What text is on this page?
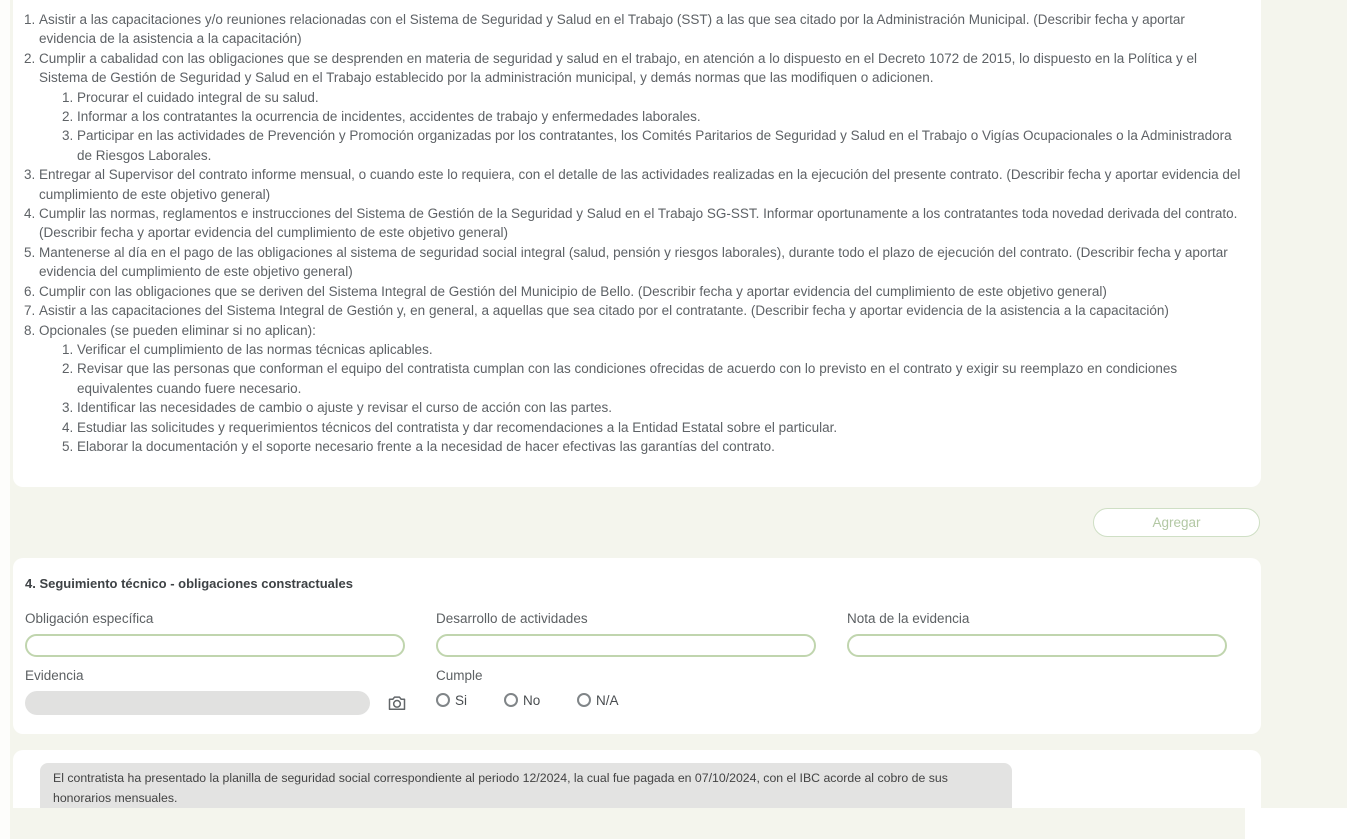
1. Asistir a las capacitaciones y/o reuniones relacionadas con el Sistema de Seguridad y Salud en el Trabajo (SST) a las que sea citado por la Administración Municipal. (Describir fecha y aportar evidencia de la asistencia a la capacitación)
2. Cumplir a cabalidad con las obligaciones que se desprenden en materia de seguridad y salud en el trabajo, en atención a lo dispuesto en el Decreto 1072 de 2015, lo dispuesto en la Política y el Sistema de Gestión de Seguridad y Salud en el Trabajo establecido por la administración municipal, y demás normas que las modifiquen o adicionen.
1. Procurar el cuidado integral de su salud.
2. Informar a los contratantes la ocurrencia de incidentes, accidentes de trabajo y enfermedades laborales.
3. Participar en las actividades de Prevención y Promoción organizadas por los contratantes, los Comités Paritarios de Seguridad y Salud en el Trabajo o Vigías Ocupacionales o la Administradora de Riesgos Laborales.
3. Entregar al Supervisor del contrato informe mensual, o cuando este lo requiera, con el detalle de las actividades realizadas en la ejecución del presente contrato. (Describir fecha y aportar evidencia del cumplimiento de este objetivo general)
4. Cumplir las normas, reglamentos e instrucciones del Sistema de Gestión de la Seguridad y Salud en el Trabajo SG-SST. Informar oportunamente a los contratantes toda novedad derivada del contrato. (Describir fecha y aportar evidencia del cumplimiento de este objetivo general)
5. Mantenerse al día en el pago de las obligaciones al sistema de seguridad social integral (salud, pensión y riesgos laborales), durante todo el plazo de ejecución del contrato. (Describir fecha y aportar evidencia del cumplimiento de este objetivo general)
6. Cumplir con las obligaciones que se deriven del Sistema Integral de Gestión del Municipio de Bello. (Describir fecha y aportar evidencia del cumplimiento de este objetivo general)
7. Asistir a las capacitaciones del Sistema Integral de Gestión y, en general, a aquellas que sea citado por el contratante. (Describir fecha y aportar evidencia de la asistencia a la capacitación)
8. Opcionales (se pueden eliminar si no aplican):
1. Verificar el cumplimiento de las normas técnicas aplicables.
2. Revisar que las personas que conforman el equipo del contratista cumplan con las condiciones ofrecidas de acuerdo con lo previsto en el contrato y exigir su reemplazo en condiciones equivalentes cuando fuere necesario.
3. Identificar las necesidades de cambio o ajuste y revisar el curso de acción con las partes.
4. Estudiar las solicitudes y requerimientos técnicos del contratista y dar recomendaciones a la Entidad Estatal sobre el particular.
5. Elaborar la documentación y el soporte necesario frente a la necesidad de hacer efectivas las garantías del contrato.
Agregar
4. Seguimiento técnico - obligaciones constractuales
Obligación específica	Desarrollo de actividades	Nota de la evidencia
Evidencia	Cumple
Si	No	N/A
El contratista ha presentado la planilla de seguridad social correspondiente al periodo 12/2024, la cual fue pagada en 07/10/2024, con el IBC acorde al cobro de sus honorarios mensuales.
